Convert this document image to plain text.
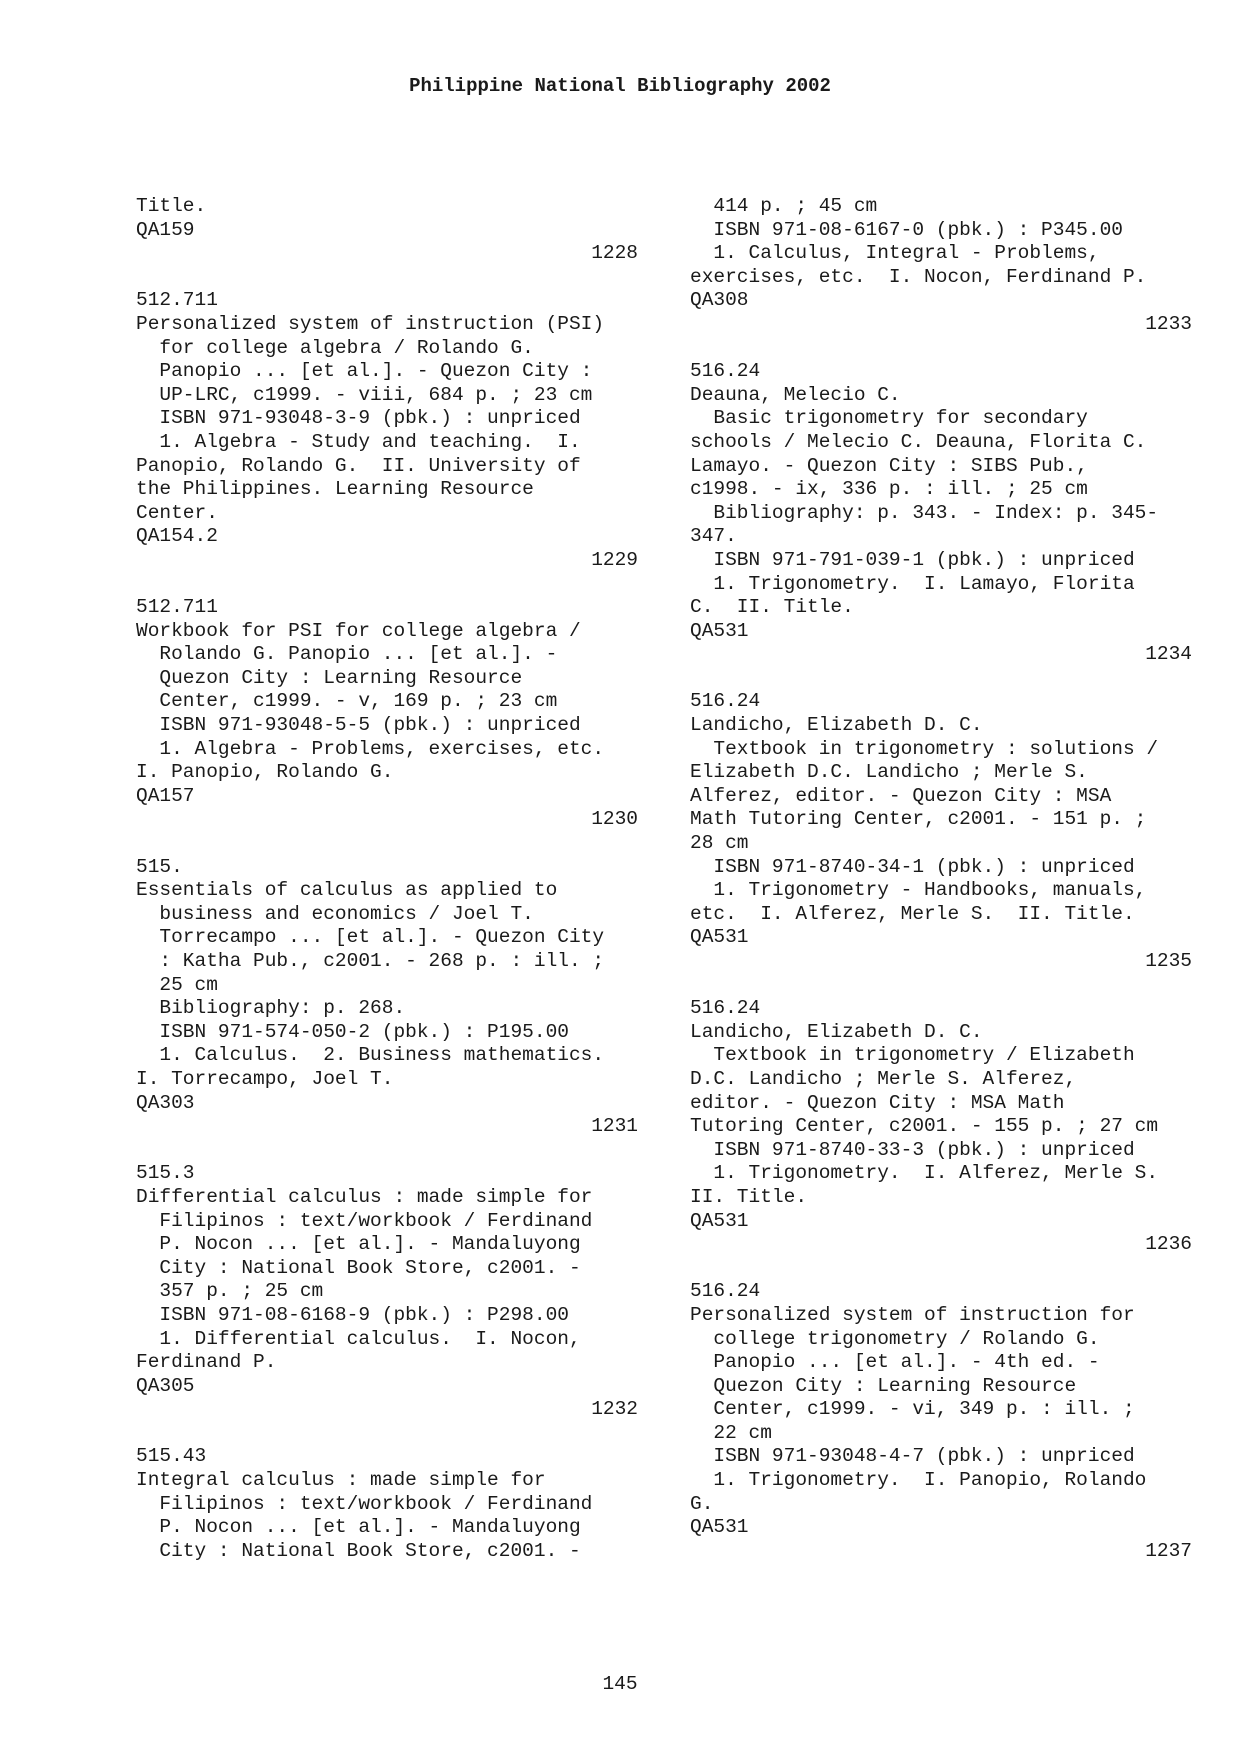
Philippine National Bibliography 2002
Title.
QA159
1228
512.711
Personalized system of instruction (PSI)
for college algebra / Rolando G.
Panopio ... [et al.]. - Quezon City :
UP-LRC, c1999. - viii, 684 p. ; 23 cm
ISBN 971-93048-3-9 (pbk.) : unpriced
1. Algebra - Study and teaching.  I.
Panopio, Rolando G.  II. University of
the Philippines. Learning Resource
Center.
QA154.2
1229
512.711
Workbook for PSI for college algebra /
Rolando G. Panopio ... [et al.]. -
Quezon City : Learning Resource
Center, c1999. - v, 169 p. ; 23 cm
ISBN 971-93048-5-5 (pbk.) : unpriced
1. Algebra - Problems, exercises, etc.
I. Panopio, Rolando G.
QA157
1230
515.
Essentials of calculus as applied to
business and economics / Joel T.
Torrecampo ... [et al.]. - Quezon City
: Katha Pub., c2001. - 268 p. : ill. ;
25 cm
Bibliography: p. 268.
ISBN 971-574-050-2 (pbk.) : P195.00
1. Calculus.  2. Business mathematics.
I. Torrecampo, Joel T.
QA303
1231
515.3
Differential calculus : made simple for
Filipinos : text/workbook / Ferdinand
P. Nocon ... [et al.]. - Mandaluyong
City : National Book Store, c2001. -
357 p. ; 25 cm
ISBN 971-08-6168-9 (pbk.) : P298.00
1. Differential calculus.  I. Nocon,
Ferdinand P.
QA305
1232
515.43
Integral calculus : made simple for
Filipinos : text/workbook / Ferdinand
P. Nocon ... [et al.]. - Mandaluyong
City : National Book Store, c2001. -
414 p. ; 45 cm
ISBN 971-08-6167-0 (pbk.) : P345.00
1. Calculus, Integral - Problems,
exercises, etc.  I. Nocon, Ferdinand P.
QA308
1233
516.24
Deauna, Melecio C.
Basic trigonometry for secondary
schools / Melecio C. Deauna, Florita C.
Lamayo. - Quezon City : SIBS Pub.,
c1998. - ix, 336 p. : ill. ; 25 cm
Bibliography: p. 343. - Index: p. 345-
347.
ISBN 971-791-039-1 (pbk.) : unpriced
1. Trigonometry.  I. Lamayo, Florita
C.  II. Title.
QA531
1234
516.24
Landicho, Elizabeth D. C.
Textbook in trigonometry : solutions /
Elizabeth D.C. Landicho ; Merle S.
Alferez, editor. - Quezon City : MSA
Math Tutoring Center, c2001. - 151 p. ;
28 cm
ISBN 971-8740-34-1 (pbk.) : unpriced
1. Trigonometry - Handbooks, manuals,
etc.  I. Alferez, Merle S.  II. Title.
QA531
1235
516.24
Landicho, Elizabeth D. C.
Textbook in trigonometry / Elizabeth
D.C. Landicho ; Merle S. Alferez,
editor. - Quezon City : MSA Math
Tutoring Center, c2001. - 155 p. ; 27 cm
ISBN 971-8740-33-3 (pbk.) : unpriced
1. Trigonometry.  I. Alferez, Merle S.
II. Title.
QA531
1236
516.24
Personalized system of instruction for
college trigonometry / Rolando G.
Panopio ... [et al.]. - 4th ed. -
Quezon City : Learning Resource
Center, c1999. - vi, 349 p. : ill. ;
22 cm
ISBN 971-93048-4-7 (pbk.) : unpriced
1. Trigonometry.  I. Panopio, Rolando
G.
QA531
1237
145
